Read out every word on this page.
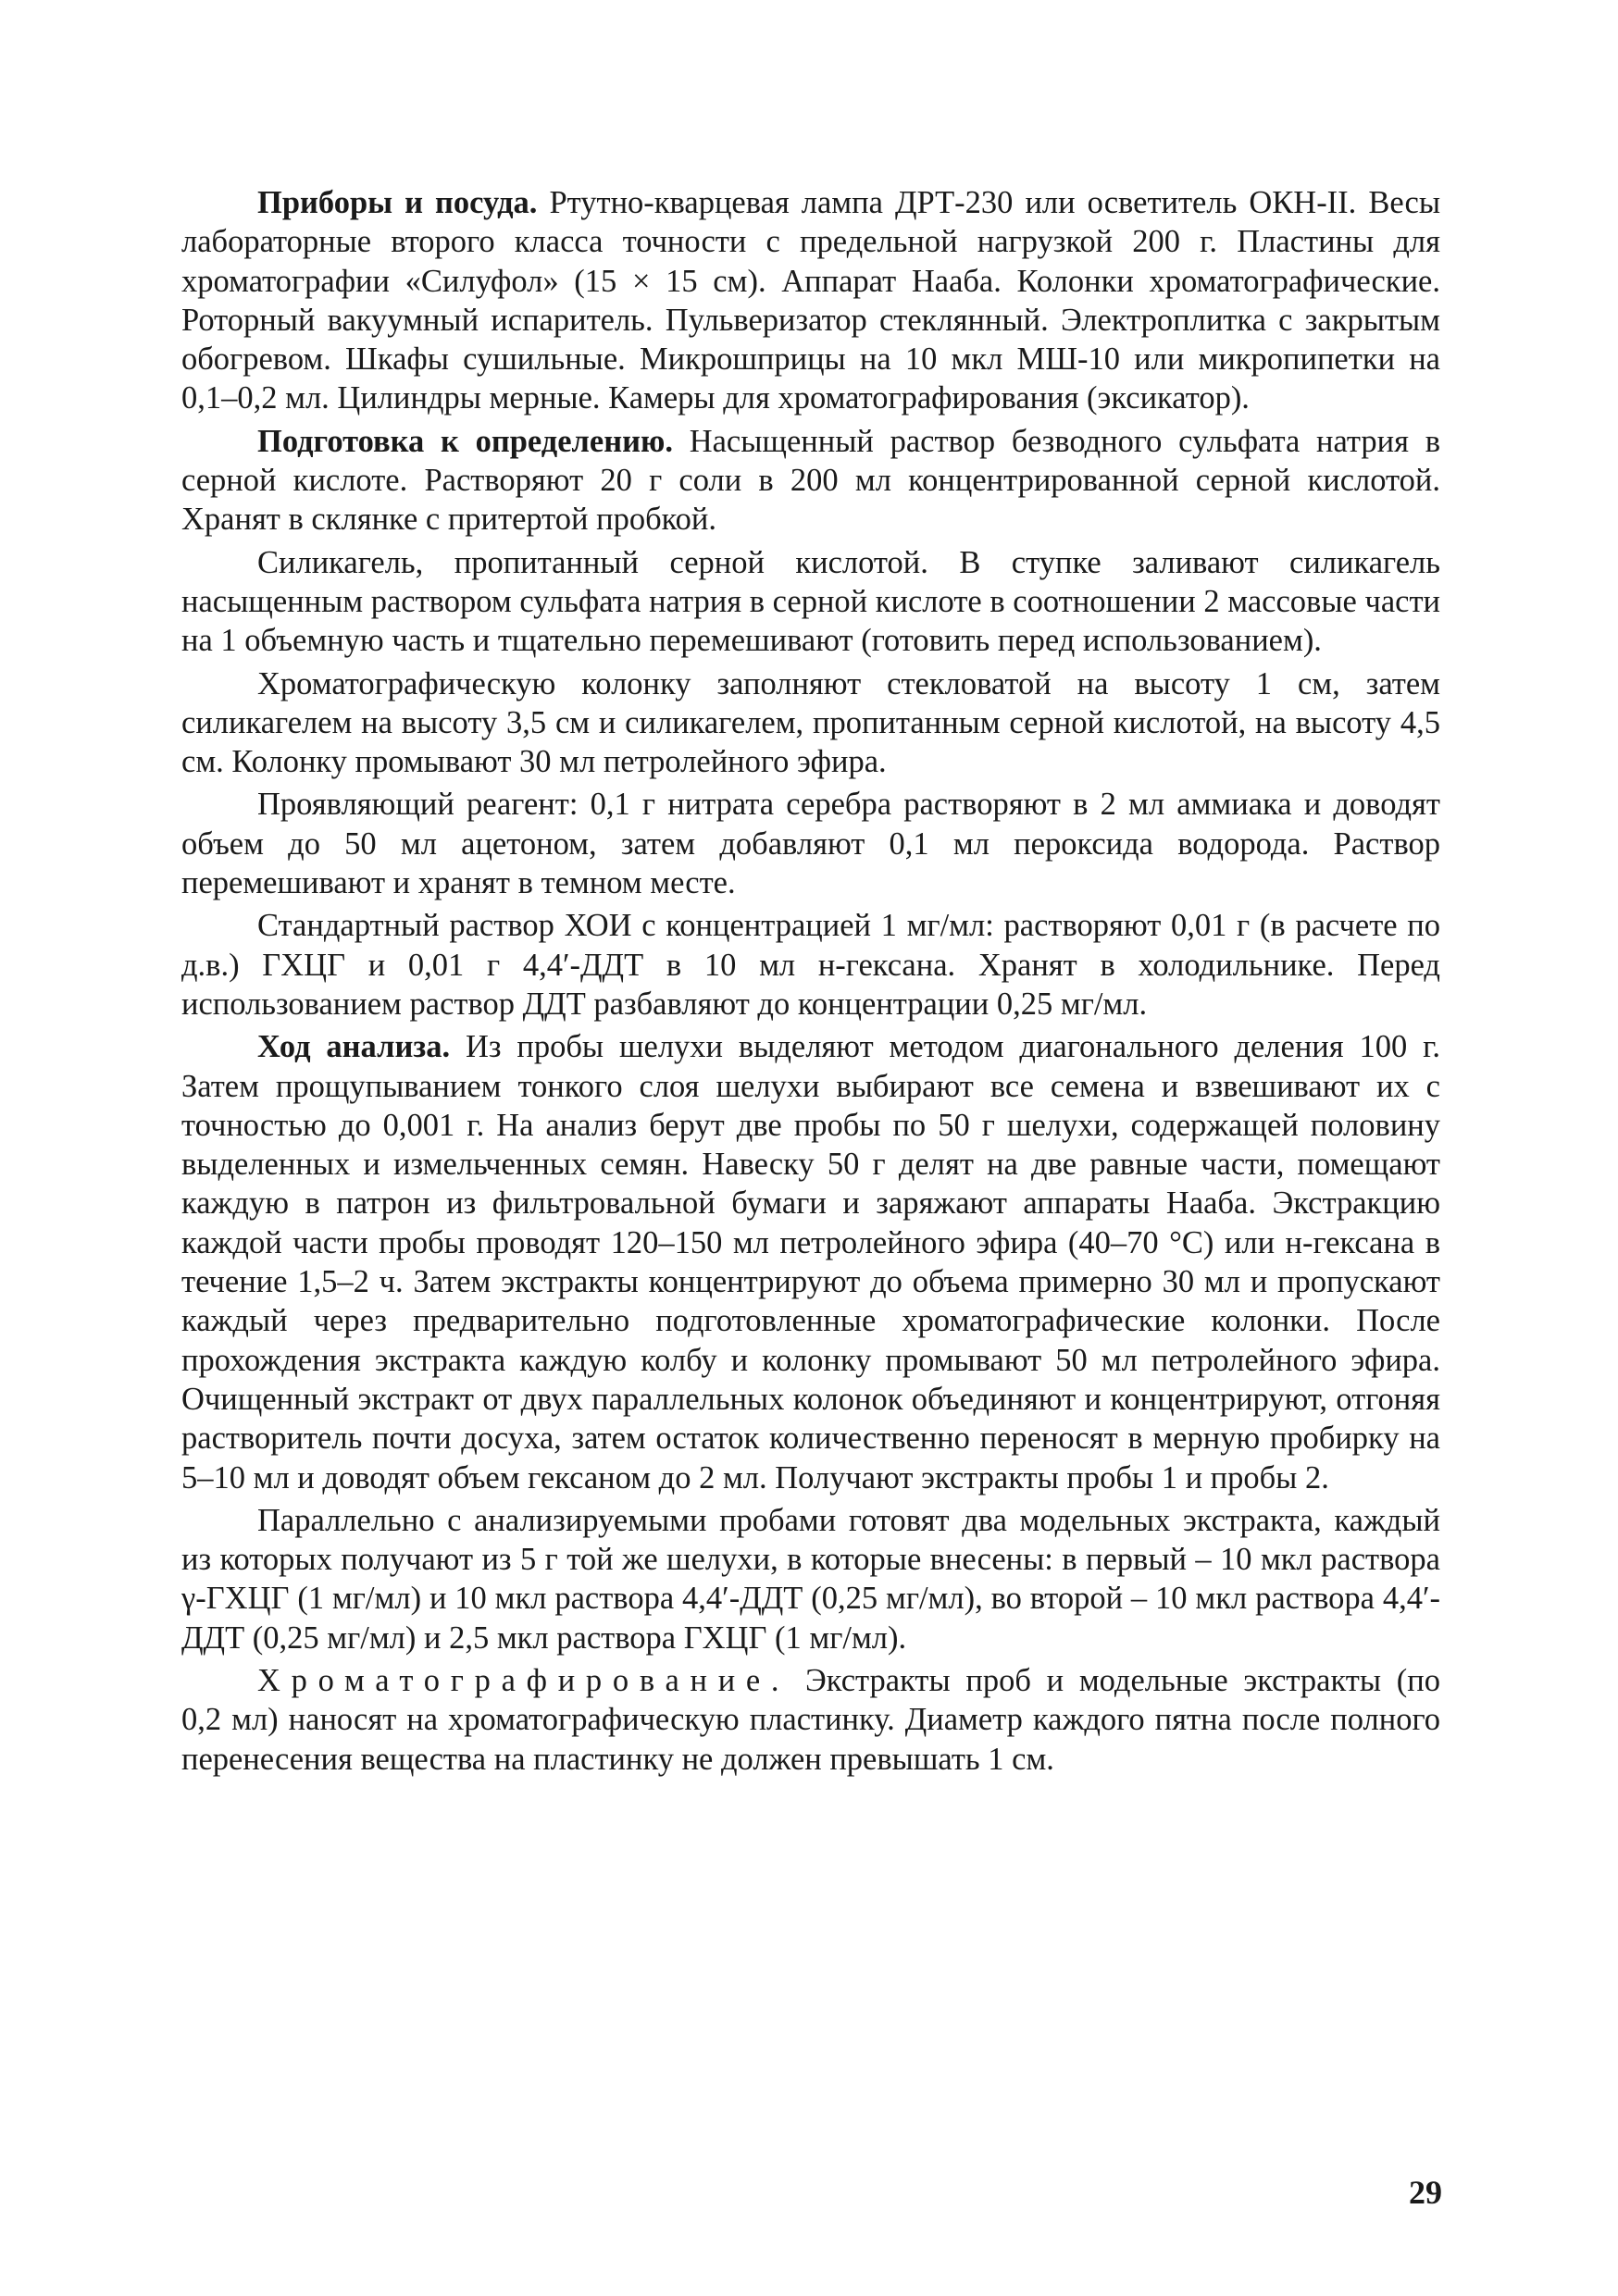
Приборы и посуда. Ртутно-кварцевая лампа ДРТ-230 или осветитель ОКН-II. Весы лабораторные второго класса точности с предельной нагрузкой 200 г. Пластины для хроматографии «Силуфол» (15 × 15 см). Аппарат Нааба. Колонки хроматографические. Роторный вакуумный испаритель. Пульверизатор стеклянный. Электроплитка с закрытым обогревом. Шкафы сушильные. Микрошприцы на 10 мкл МШ-10 или микропипетки на 0,1–0,2 мл. Цилиндры мерные. Камеры для хроматографирования (эксикатор).

Подготовка к определению. Насыщенный раствор безводного сульфата натрия в серной кислоте. Растворяют 20 г соли в 200 мл концентрированной серной кислотой. Хранят в склянке с притертой пробкой.

Силикагель, пропитанный серной кислотой. В ступке заливают силикагель насыщенным раствором сульфата натрия в серной кислоте в соотношении 2 массовые части на 1 объемную часть и тщательно перемешивают (готовить перед использованием).

Хроматографическую колонку заполняют стекловатой на высоту 1 см, затем силикагелем на высоту 3,5 см и силикагелем, пропитанным серной кислотой, на высоту 4,5 см. Колонку промывают 30 мл петролейного эфира.

Проявляющий реагент: 0,1 г нитрата серебра растворяют в 2 мл аммиака и доводят объем до 50 мл ацетоном, затем добавляют 0,1 мл пероксида водорода. Раствор перемешивают и хранят в темном месте.

Стандартный раствор ХОИ с концентрацией 1 мг/мл: растворяют 0,01 г (в расчете по д.в.) ГХЦГ и 0,01 г 4,4′-ДДТ в 10 мл н-гексана. Хранят в холодильнике. Перед использованием раствор ДДТ разбавляют до концентрации 0,25 мг/мл.

Ход анализа. Из пробы шелухи выделяют методом диагонального деления 100 г. Затем прощупыванием тонкого слоя шелухи выбирают все семена и взвешивают их с точностью до 0,001 г. На анализ берут две пробы по 50 г шелухи, содержащей половину выделенных и измельченных семян. Навеску 50 г делят на две равные части, помещают каждую в патрон из фильтровальной бумаги и заряжают аппараты Нааба. Экстракцию каждой части пробы проводят 120–150 мл петролейного эфира (40–70 °С) или н-гексана в течение 1,5–2 ч. Затем экстракты концентрируют до объема примерно 30 мл и пропускают каждый через предварительно подготовленные хроматографические колонки. После прохождения экстракта каждую колбу и колонку промывают 50 мл петролейного эфира. Очищенный экстракт от двух параллельных колонок объединяют и концентрируют, отгоняя растворитель почти досуха, затем остаток количественно переносят в мерную пробирку на 5–10 мл и доводят объем гексаном до 2 мл. Получают экстракты пробы 1 и пробы 2.

Параллельно с анализируемыми пробами готовят два модельных экстракта, каждый из которых получают из 5 г той же шелухи, в которые внесены: в первый – 10 мкл раствора γ-ГХЦГ (1 мг/мл) и 10 мкл раствора 4,4′-ДДТ (0,25 мг/мл), во второй – 10 мкл раствора 4,4′-ДДТ (0,25 мг/мл) и 2,5 мкл раствора ГХЦГ (1 мг/мл).

Хроматографирование. Экстракты проб и модельные экстракты (по 0,2 мл) наносят на хроматографическую пластинку. Диаметр каждого пятна после полного перенесения вещества на пластинку не должен превышать 1 см.

29
